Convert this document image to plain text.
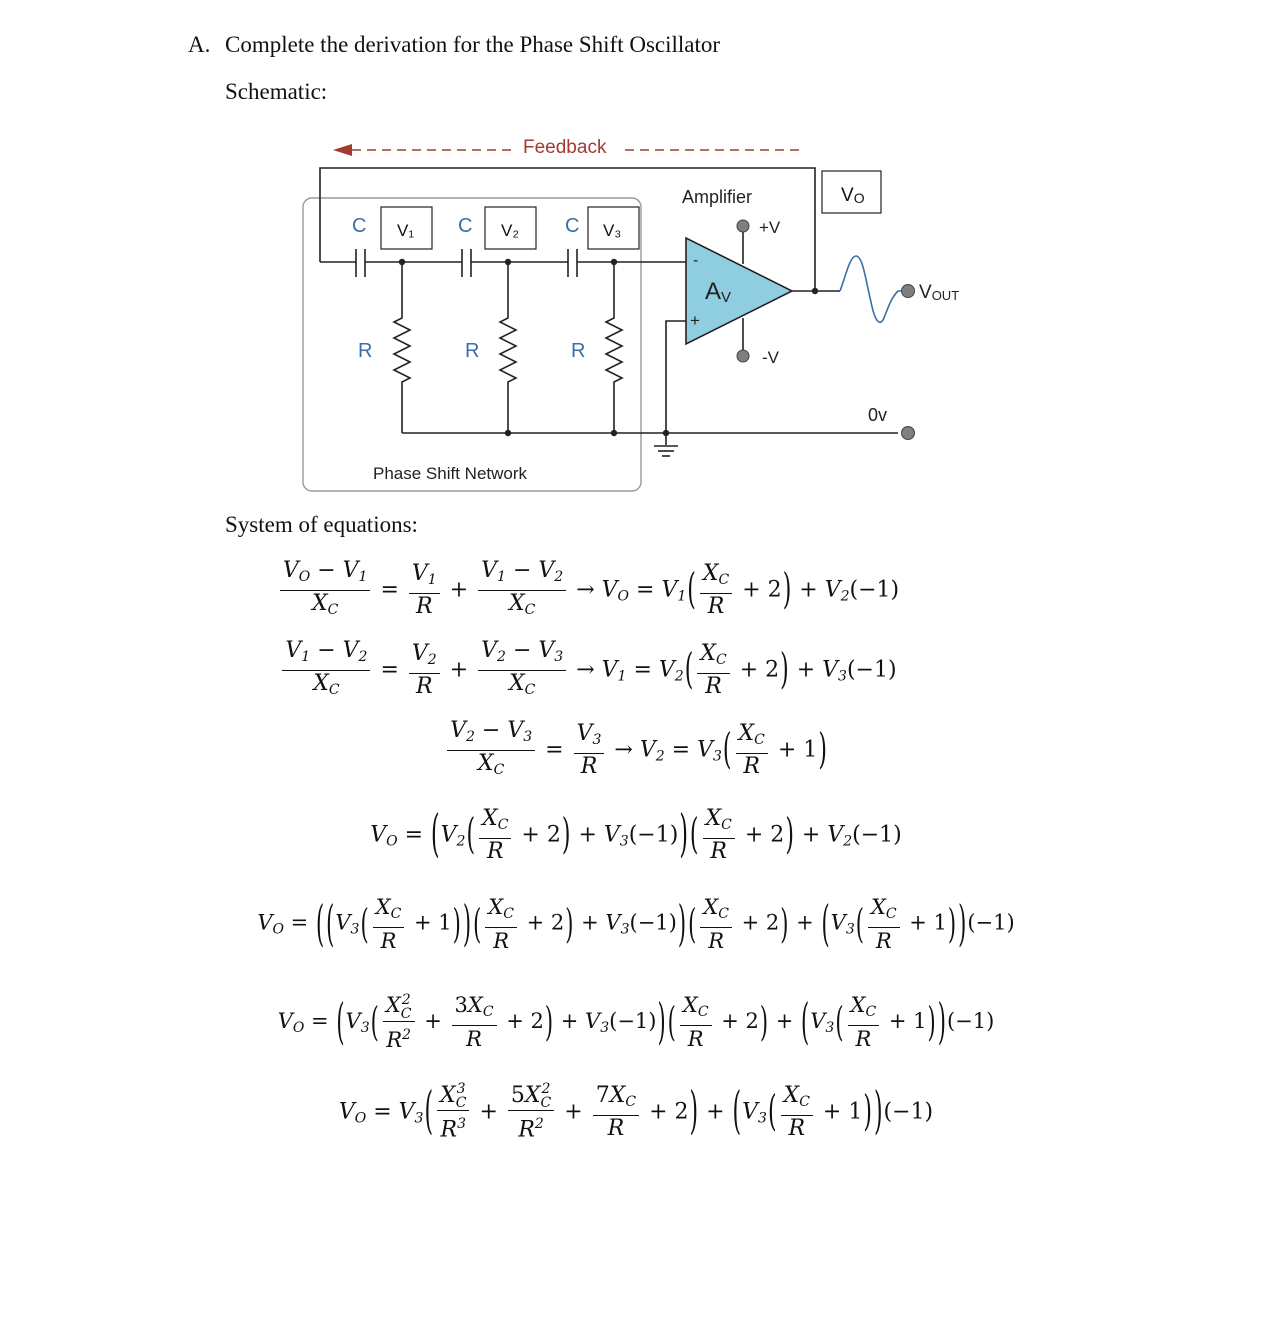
A. Complete the derivation for the Phase Shift Oscillator
Schematic:
Feedback
C	C	C
V₁	V₂	V₃
R	R	R
Amplifier
AV
-
+
+V
-V
VOUT
0v
VO
Phase Shift Network
System of equations:
$\frac{V_O - V_1}{X_C} = \frac{V_1}{R} + \frac{V_1 - V_2}{X_C} \to V_O = V_1( \frac{X_C}{R} + 2) + V_2(-1)$
$\frac{V_1 - V_2}{X_C} = \frac{V_2}{R} + \frac{V_2 - V_3}{X_C} \to V_1 = V_2( \frac{X_C}{R} + 2) + V_3(-1)$
$\frac{V_2 - V_3}{X_C} = \frac{V_3}{R} \to V_2 = V_3( \frac{X_C}{R} + 1)$
$V_O = (V_2( \frac{X_C}{R} + 2) + V_3(-1))( \frac{X_C}{R} + 2) + V_2(-1)$
$V_O = ((V_3( \frac{X_C}{R} + 1))( \frac{X_C}{R} + 2) + V_3(-1))( \frac{X_C}{R} + 2) + (V_3( \frac{X_C}{R} + 1))(-1)$
$V_O = (V_3$( X2
C
$R^2$
+ $\frac{3X_C}{R} + 2) + V_3(-1))( \frac{X_C}{R} + 2) + (V_3( \frac{X_C}{R} + 1))(-1)$
$V_O = V_3$( X3
C
$R^3$ +
5X2
C
$R^2 + \frac{7X_C}{R} + 2) + (V_3( \frac{X_C}{R} + 1))(-1)$
